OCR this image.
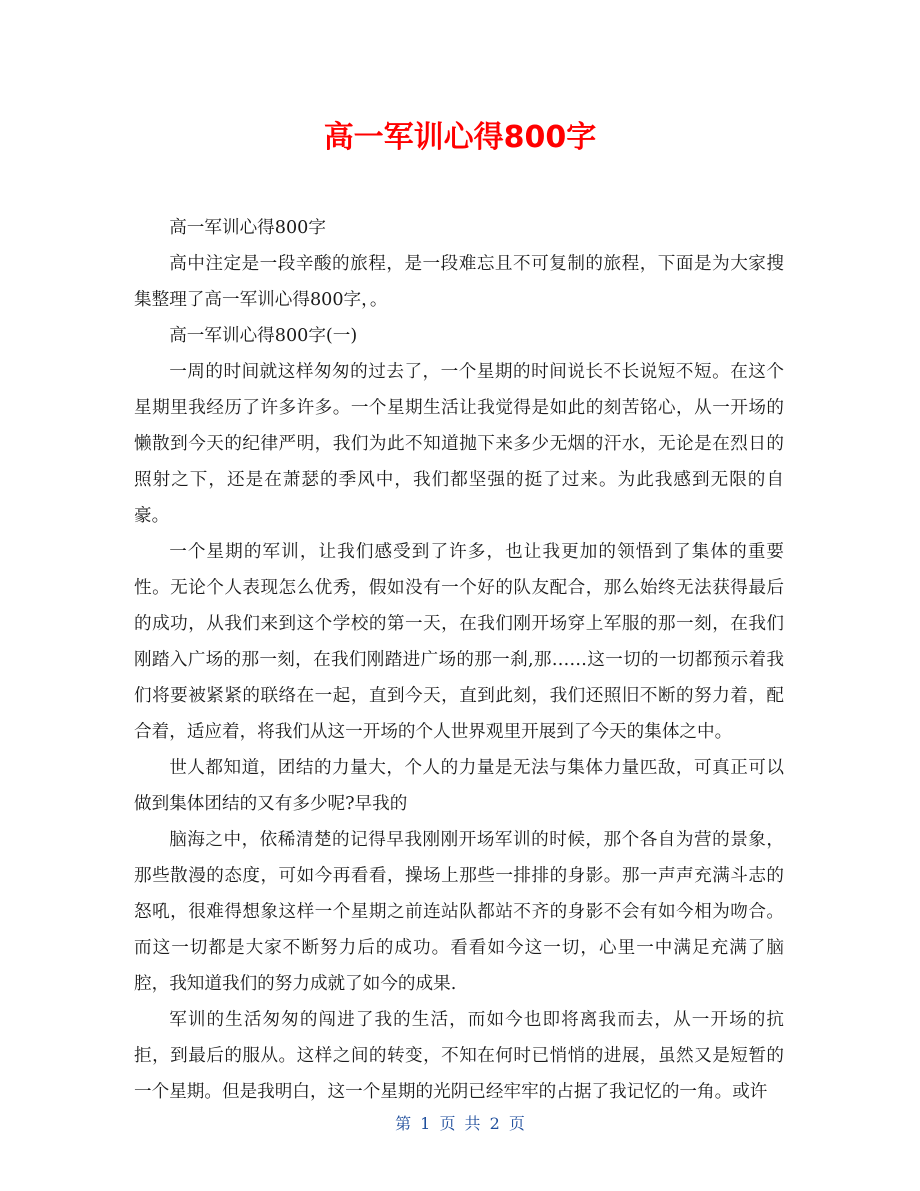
高一军训心得800字

高一军训心得800字

高中注定是一段辛酸的旅程，是一段难忘且不可复制的旅程，下面是为大家搜集整理了高一军训心得800字，。

高一军训心得800字(一)

一周的时间就这样匆匆的过去了，一个星期的时间说长不长说短不短。在这个星期里我经历了许多许多。一个星期生活让我觉得是如此的刻苦铭心，从一开场的懒散到今天的纪律严明，我们为此不知道抛下来多少无烟的汗水，无论是在烈日的照射之下，还是在萧瑟的季风中，我们都坚强的挺了过来。为此我感到无限的自豪。

一个星期的军训，让我们感受到了许多，也让我更加的领悟到了集体的重要性。无论个人表现怎么优秀，假如没有一个好的队友配合，那么始终无法获得最后的成功，从我们来到这个学校的第一天，在我们刚开场穿上军服的那一刻，在我们刚踏入广场的那一刻，在我们刚踏进广场的那一刹,那……这一切的一切都预示着我们将要被紧紧的联络在一起，直到今天，直到此刻，我们还照旧不断的努力着，配合着，适应着，将我们从这一开场的个人世界观里开展到了今天的集体之中。

世人都知道，团结的力量大，个人的力量是无法与集体力量匹敌，可真正可以做到集体团结的又有多少呢?早我的

脑海之中，依稀清楚的记得早我刚刚开场军训的时候，那个各自为营的景象，那些散漫的态度，可如今再看看，操场上那些一排排的身影。那一声声充满斗志的怒吼，很难得想象这样一个星期之前连站队都站不齐的身影不会有如今相为吻合。而这一切都是大家不断努力后的成功。看看如今这一切，心里一中满足充满了脑腔，我知道我们的努力成就了如今的成果.

军训的生活匆匆的闯进了我的生活，而如今也即将离我而去，从一开场的抗拒，到最后的服从。这样之间的转变，不知在何时已悄悄的进展，虽然又是短暂的一个星期。但是我明白，这一个星期的光阴已经牢牢的占据了我记忆的一角。或许

第 1 页 共 2 页
